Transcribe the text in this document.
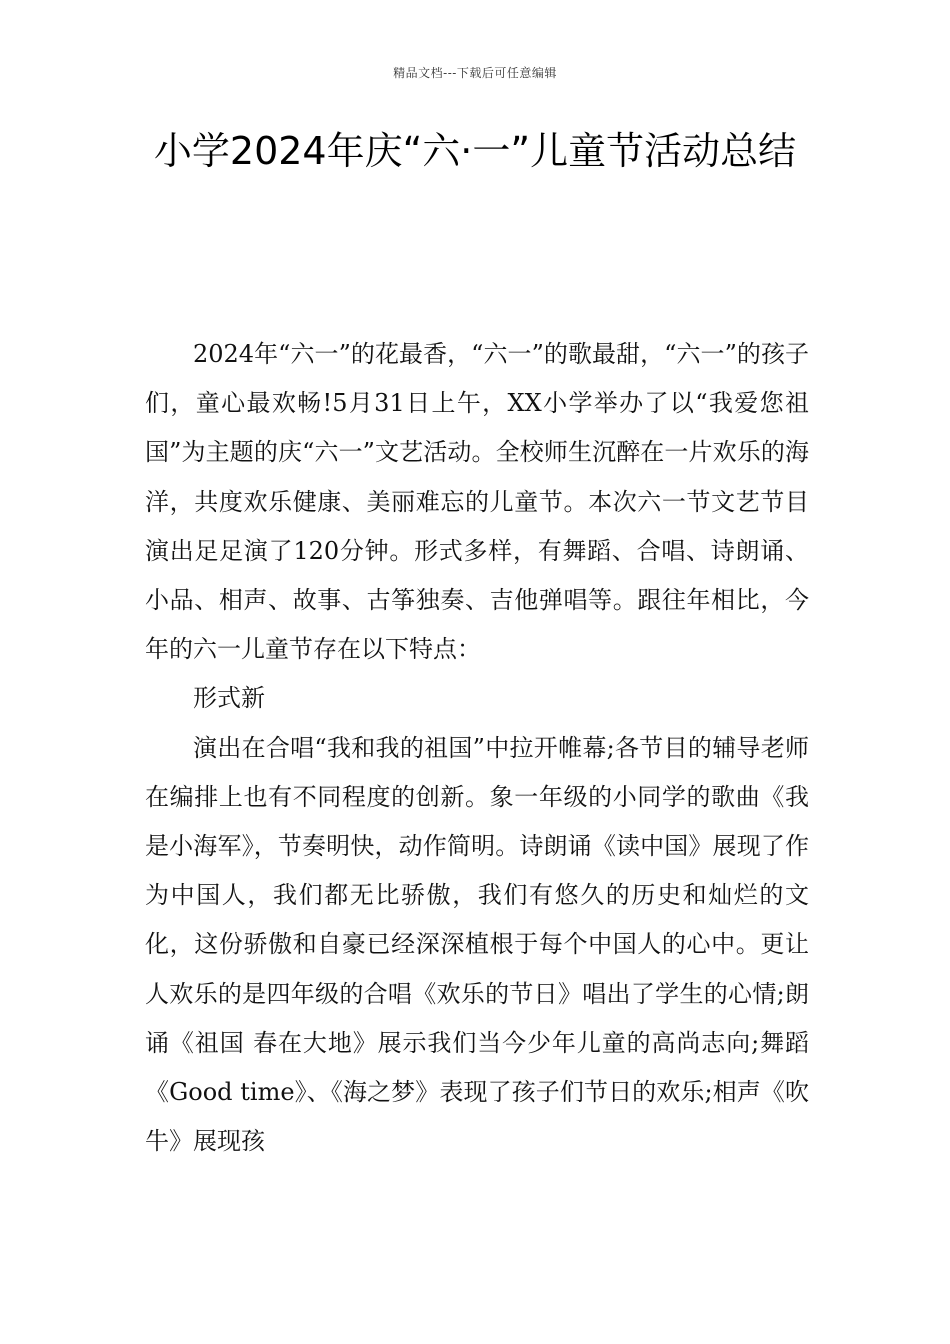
精品文档---下载后可任意编辑
小学2024年庆“六·一”儿童节活动总结

2024年“六一”的花最香，“六一”的歌最甜，“六一”的孩子们，童心最欢畅!5月31日上午，XX小学举办了以“我爱您祖国”为主题的庆“六一”文艺活动。全校师生沉醉在一片欢乐的海洋，共度欢乐健康、美丽难忘的儿童节。本次六一节文艺节目演出足足演了120分钟。形式多样，有舞蹈、合唱、诗朗诵、小品、相声、故事、古筝独奏、吉他弹唱等。跟往年相比，今年的六一儿童节存在以下特点：

形式新

演出在合唱“我和我的祖国”中拉开帷幕;各节目的辅导老师在编排上也有不同程度的创新。象一年级的小同学的歌曲《我是小海军》，节奏明快，动作简明。诗朗诵《读中国》展现了作为中国人，我们都无比骄傲，我们有悠久的历史和灿烂的文化，这份骄傲和自豪已经深深植根于每个中国人的心中。更让人欢乐的是四年级的合唱《欢乐的节日》唱出了学生的心情;朗诵《祖国 春在大地》展示我们当今少年儿童的高尚志向;舞蹈《Good time》、《海之梦》表现了孩子们节日的欢乐;相声《吹牛》展现孩
